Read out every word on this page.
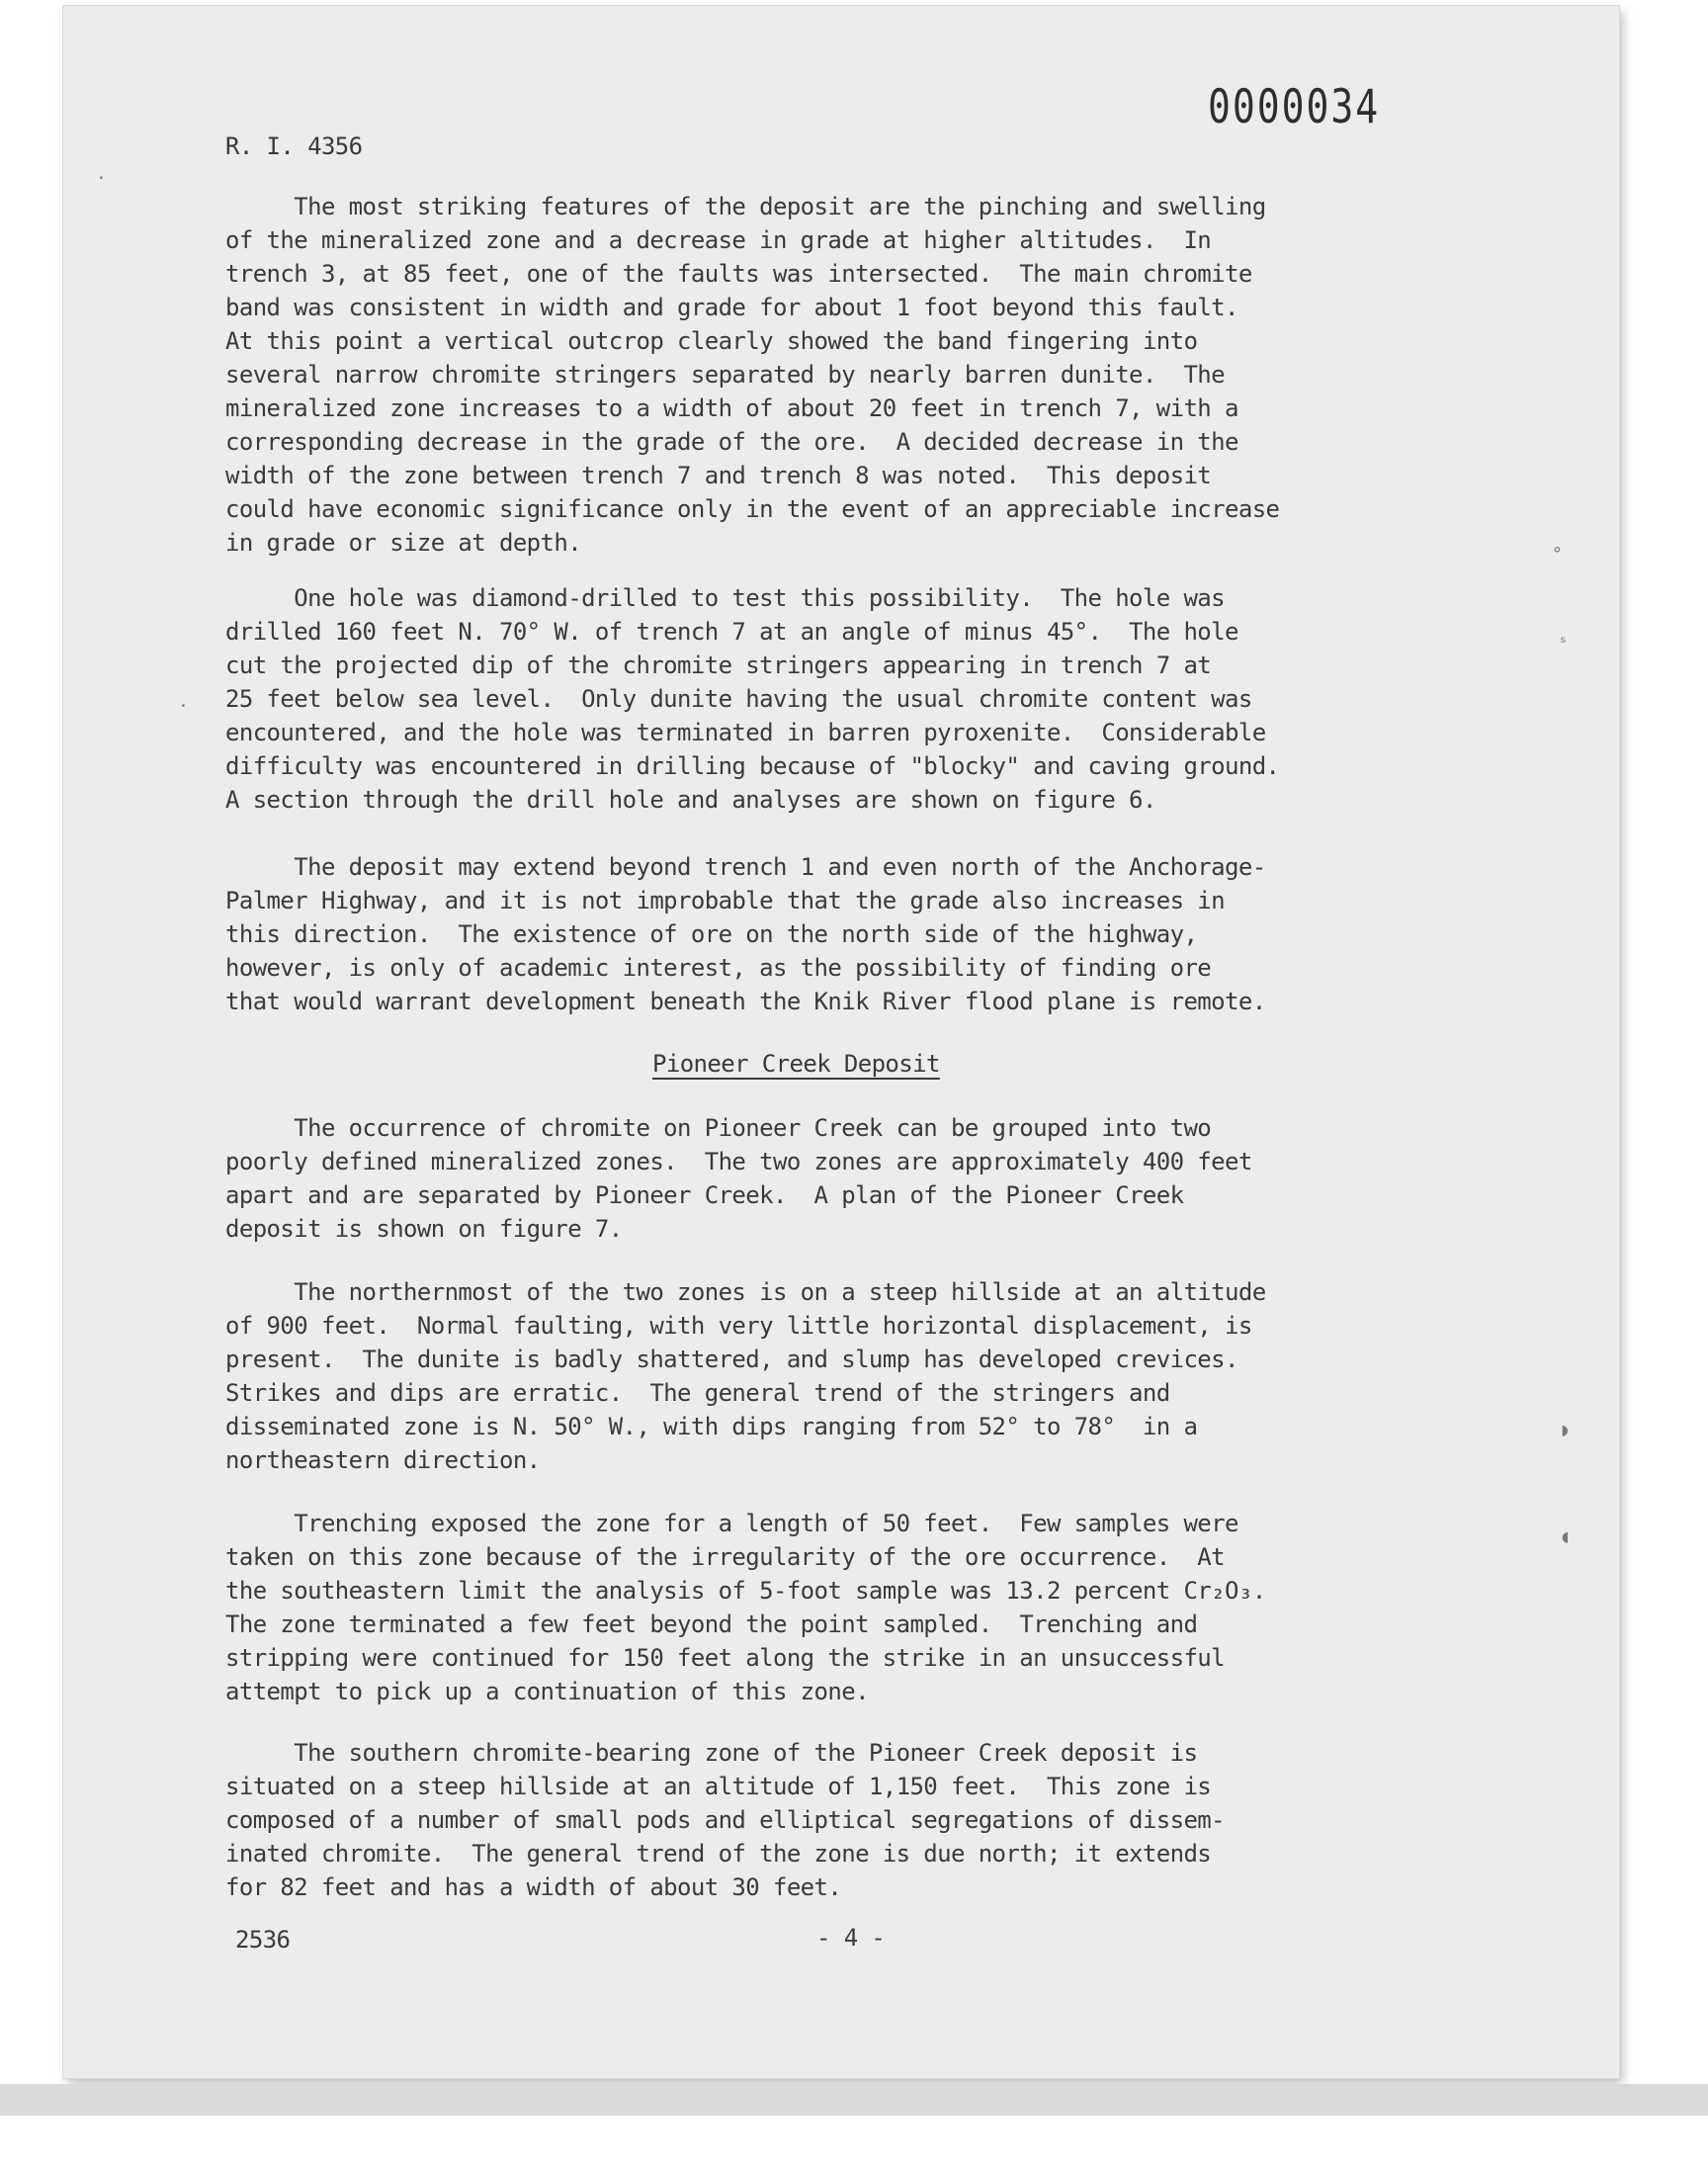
0000034
R. I. 4356
The most striking features of the deposit are the pinching and swelling
of the mineralized zone and a decrease in grade at higher altitudes.  In
trench 3, at 85 feet, one of the faults was intersected.  The main chromite
band was consistent in width and grade for about 1 foot beyond this fault.
At this point a vertical outcrop clearly showed the band fingering into
several narrow chromite stringers separated by nearly barren dunite.  The
mineralized zone increases to a width of about 20 feet in trench 7, with a
corresponding decrease in the grade of the ore.  A decided decrease in the
width of the zone between trench 7 and trench 8 was noted.  This deposit
could have economic significance only in the event of an appreciable increase
in grade or size at depth.
One hole was diamond-drilled to test this possibility.  The hole was
drilled 160 feet N. 70° W. of trench 7 at an angle of minus 45°.  The hole
cut the projected dip of the chromite stringers appearing in trench 7 at
25 feet below sea level.  Only dunite having the usual chromite content was
encountered, and the hole was terminated in barren pyroxenite.  Considerable
difficulty was encountered in drilling because of "blocky" and caving ground.
A section through the drill hole and analyses are shown on figure 6.
The deposit may extend beyond trench 1 and even north of the Anchorage-
Palmer Highway, and it is not improbable that the grade also increases in
this direction.  The existence of ore on the north side of the highway,
however, is only of academic interest, as the possibility of finding ore
that would warrant development beneath the Knik River flood plane is remote.
Pioneer Creek Deposit
The occurrence of chromite on Pioneer Creek can be grouped into two
poorly defined mineralized zones.  The two zones are approximately 400 feet
apart and are separated by Pioneer Creek.  A plan of the Pioneer Creek
deposit is shown on figure 7.
The northernmost of the two zones is on a steep hillside at an altitude
of 900 feet.  Normal faulting, with very little horizontal displacement, is
present.  The dunite is badly shattered, and slump has developed crevices.
Strikes and dips are erratic.  The general trend of the stringers and
disseminated zone is N. 50° W., with dips ranging from 52° to 78°  in a
northeastern direction.
Trenching exposed the zone for a length of 50 feet.  Few samples were
taken on this zone because of the irregularity of the ore occurrence.  At
the southeastern limit the analysis of 5-foot sample was 13.2 percent Cr₂O₃.
The zone terminated a few feet beyond the point sampled.  Trenching and
stripping were continued for 150 feet along the strike in an unsuccessful
attempt to pick up a continuation of this zone.
The southern chromite-bearing zone of the Pioneer Creek deposit is
situated on a steep hillside at an altitude of 1,150 feet.  This zone is
composed of a number of small pods and elliptical segregations of dissem-
inated chromite.  The general trend of the zone is due north; it extends
for 82 feet and has a width of about 30 feet.
2536	- 4 -
·
°
ˢ
◗
◖
·
